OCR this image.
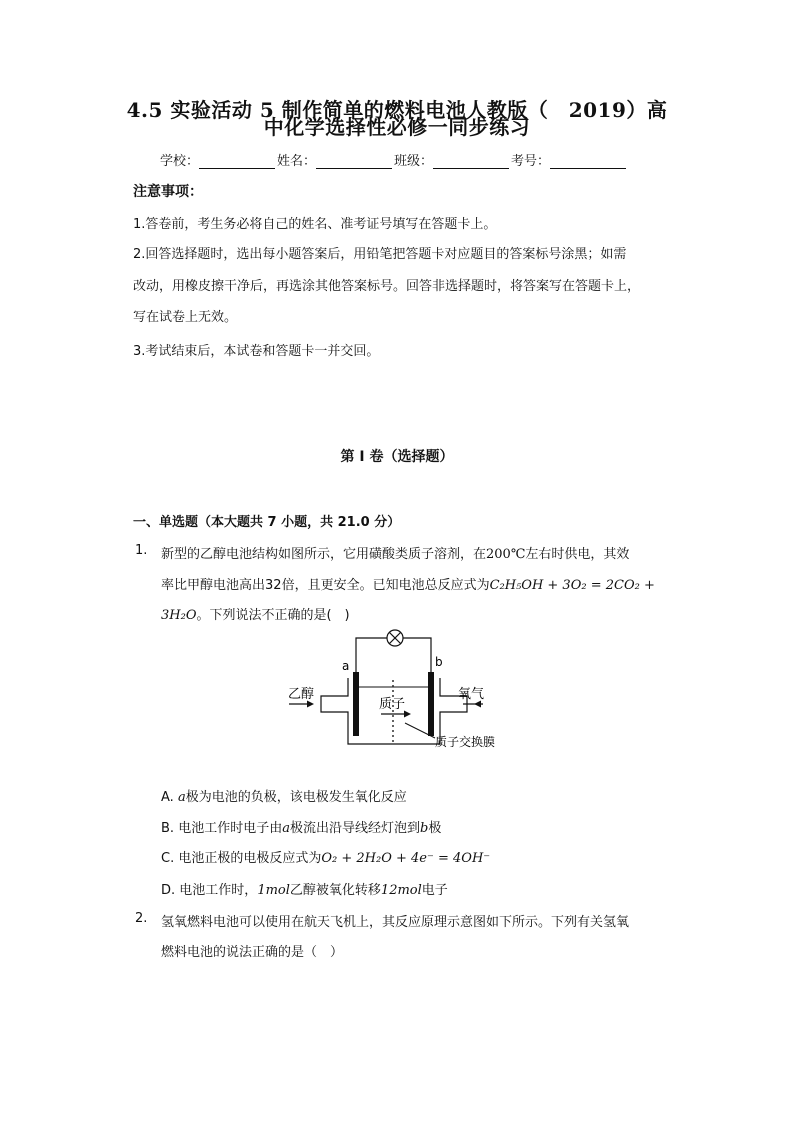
4.5 实验活动 5 制作简单的燃料电池人教版（　2019）高
中化学选择性必修一同步练习
学校：	姓名：	班级：	考号：
注意事项：
1.答卷前，考生务必将自己的姓名、准考证号填写在答题卡上。
2.回答选择题时，选出每小题答案后，用铅笔把答题卡对应题目的答案标号涂黑；如需
改动，用橡皮擦干净后，再选涂其他答案标号。回答非选择题时，将答案写在答题卡上，
写在试卷上无效。
3.考试结束后，本试卷和答题卡一并交回。
第 I 卷（选择题）
一、单选题（本大题共 7 小题，共 21.0 分）
1. 新型的乙醇电池结构如图所示，它用磺酸类质子溶剂，在200℃左右时供电，其效
率比甲醇电池高出32倍，且更安全。已知电池总反应式为C₂H₅OH + 3O₂ = 2CO₂ +
3H₂O。下列说法不正确的是(　)
a	b
乙醇	氧气
质子
质子交换膜
A. a极为电池的负极，该电极发生氧化反应
B. 电池工作时电子由a极流出沿导线经灯泡到b极
C. 电池正极的电极反应式为O₂ + 2H₂O + 4e⁻ = 4OH⁻
D. 电池工作时，1mol乙醇被氧化转移12mol电子
2. 氢氧燃料电池可以使用在航天飞机上，其反应原理示意图如下所示。下列有关氢氧
燃料电池的说法正确的是（　）
